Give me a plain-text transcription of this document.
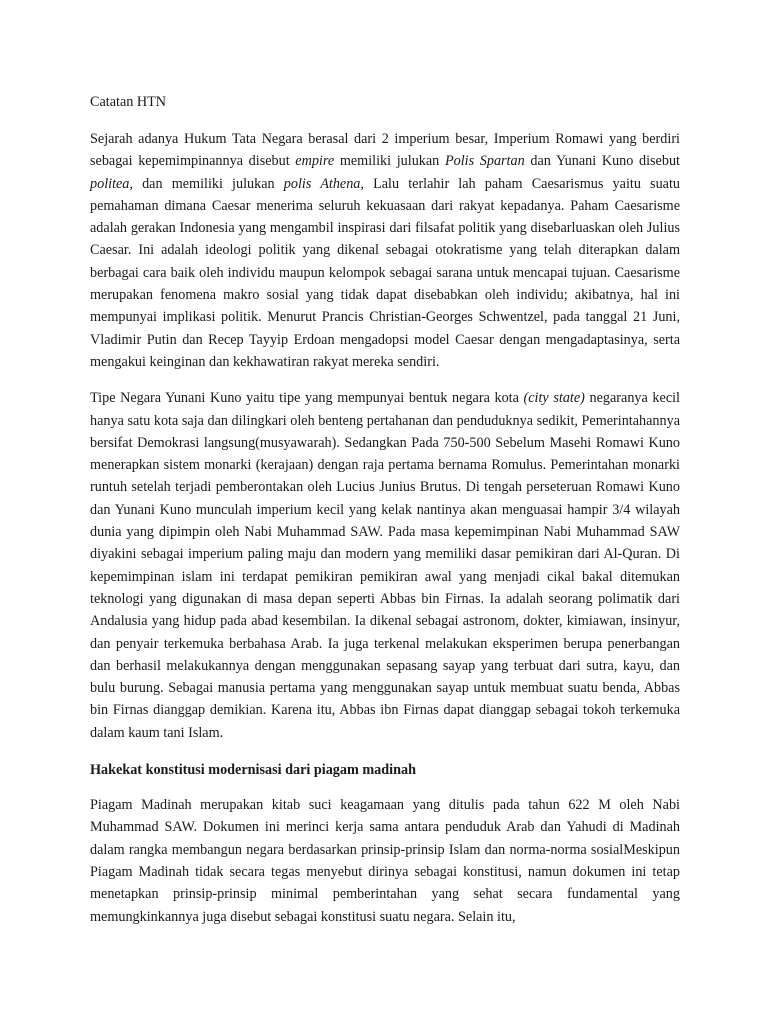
Catatan HTN

Sejarah adanya Hukum Tata Negara berasal dari 2 imperium besar, Imperium Romawi yang berdiri sebagai kepemimpinannya disebut empire memiliki julukan Polis Spartan dan Yunani Kuno disebut politea, dan memiliki julukan polis Athena, Lalu terlahir lah paham Caesarismus yaitu suatu pemahaman dimana Caesar menerima seluruh kekuasaan dari rakyat kepadanya. Paham Caesarisme adalah gerakan Indonesia yang mengambil inspirasi dari filsafat politik yang disebarluaskan oleh Julius Caesar. Ini adalah ideologi politik yang dikenal sebagai otokratisme yang telah diterapkan dalam berbagai cara baik oleh individu maupun kelompok sebagai sarana untuk mencapai tujuan. Caesarisme merupakan fenomena makro sosial yang tidak dapat disebabkan oleh individu; akibatnya, hal ini mempunyai implikasi politik. Menurut Prancis Christian-Georges Schwentzel, pada tanggal 21 Juni, Vladimir Putin dan Recep Tayyip Erdoan mengadopsi model Caesar dengan mengadaptasinya, serta mengakui keinginan dan kekhawatiran rakyat mereka sendiri.

Tipe Negara Yunani Kuno yaitu tipe yang mempunyai bentuk negara kota (city state) negaranya kecil hanya satu kota saja dan dilingkari oleh benteng pertahanan dan penduduknya sedikit, Pemerintahannya bersifat Demokrasi langsung(musyawarah). Sedangkan Pada 750-500 Sebelum Masehi Romawi Kuno menerapkan sistem monarki (kerajaan) dengan raja pertama bernama Romulus. Pemerintahan monarki runtuh setelah terjadi pemberontakan oleh Lucius Junius Brutus. Di tengah perseteruan Romawi Kuno dan Yunani Kuno munculah imperium kecil yang kelak nantinya akan menguasai hampir 3/4 wilayah dunia yang dipimpin oleh Nabi Muhammad SAW. Pada masa kepemimpinan Nabi Muhammad SAW diyakini sebagai imperium paling maju dan modern yang memiliki dasar pemikiran dari Al-Quran. Di kepemimpinan islam ini terdapat pemikiran pemikiran awal yang menjadi cikal bakal ditemukan teknologi yang digunakan di masa depan seperti Abbas bin Firnas. Ia adalah seorang polimatik dari Andalusia yang hidup pada abad kesembilan. Ia dikenal sebagai astronom, dokter, kimiawan, insinyur, dan penyair terkemuka berbahasa Arab. Ia juga terkenal melakukan eksperimen berupa penerbangan dan berhasil melakukannya dengan menggunakan sepasang sayap yang terbuat dari sutra, kayu, dan bulu burung. Sebagai manusia pertama yang menggunakan sayap untuk membuat suatu benda, Abbas bin Firnas dianggap demikian. Karena itu, Abbas ibn Firnas dapat dianggap sebagai tokoh terkemuka dalam kaum tani Islam.

Hakekat konstitusi modernisasi dari piagam madinah

Piagam Madinah merupakan kitab suci keagamaan yang ditulis pada tahun 622 M oleh Nabi Muhammad SAW. Dokumen ini merinci kerja sama antara penduduk Arab dan Yahudi di Madinah dalam rangka membangun negara berdasarkan prinsip-prinsip Islam dan norma-norma sosialMeskipun Piagam Madinah tidak secara tegas menyebut dirinya sebagai konstitusi, namun dokumen ini tetap menetapkan prinsip-prinsip minimal pemberintahan yang sehat secara fundamental yang memungkinkannya juga disebut sebagai konstitusi suatu negara. Selain itu,
